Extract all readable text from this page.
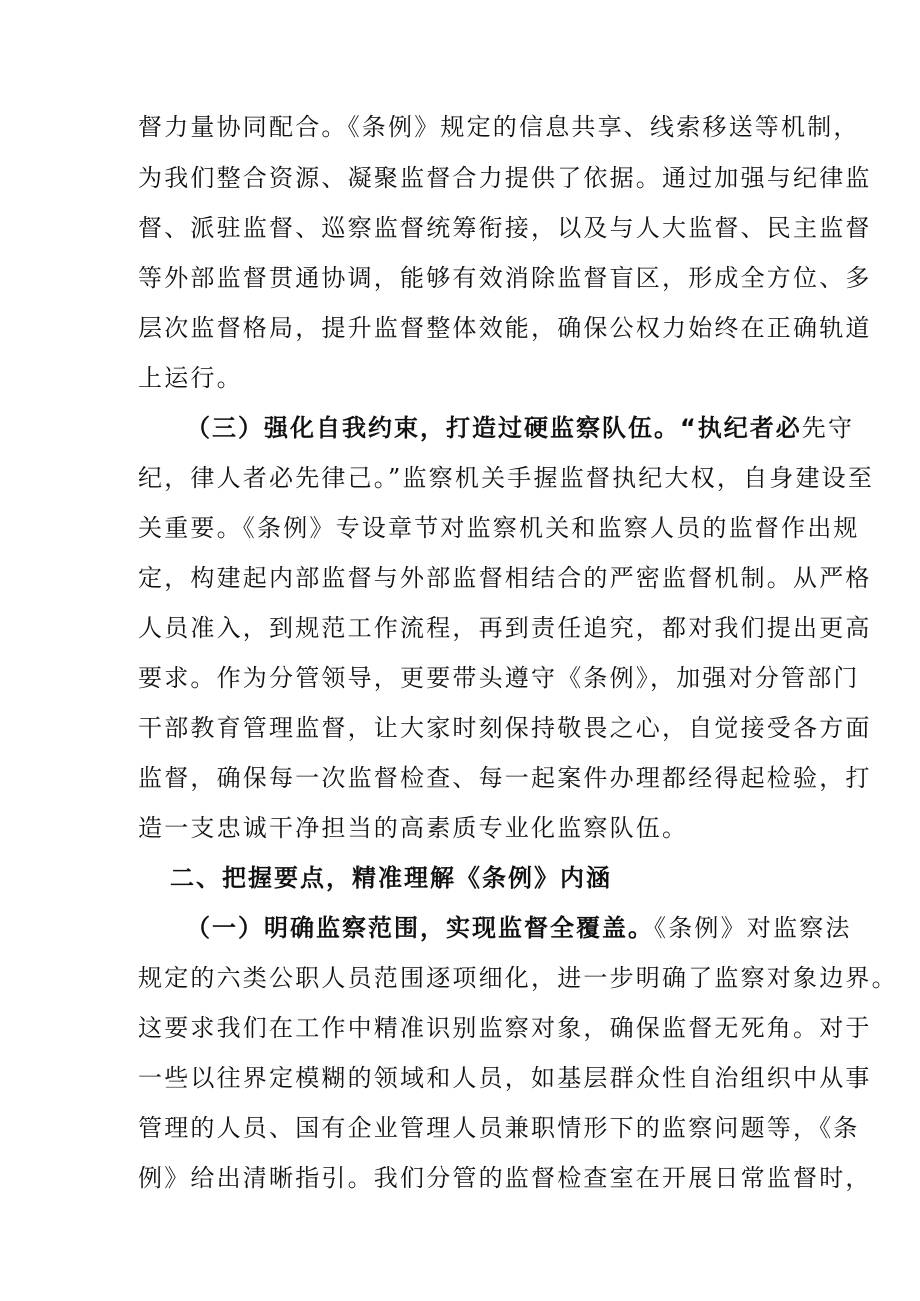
督力量协同配合。《条例》规定的信息共享、线索移送等机制，
为我们整合资源、凝聚监督合力提供了依据。通过加强与纪律监
督、派驻监督、巡察监督统筹衔接，以及与人大监督、民主监督
等外部监督贯通协调，能够有效消除监督盲区，形成全方位、多
层次监督格局，提升监督整体效能，确保公权力始终在正确轨道
上运行。
（三）强化自我约束，打造过硬监察队伍。“执纪者必先守
纪，律人者必先律己。”监察机关手握监督执纪大权，自身建设至
关重要。《条例》专设章节对监察机关和监察人员的监督作出规
定，构建起内部监督与外部监督相结合的严密监督机制。从严格
人员准入，到规范工作流程，再到责任追究，都对我们提出更高
要求。作为分管领导，更要带头遵守《条例》，加强对分管部门
干部教育管理监督，让大家时刻保持敬畏之心，自觉接受各方面
监督，确保每一次监督检查、每一起案件办理都经得起检验，打
造一支忠诚干净担当的高素质专业化监察队伍。
二、把握要点，精准理解《条例》内涵
（一）明确监察范围，实现监督全覆盖。《条例》对监察法
规定的六类公职人员范围逐项细化，进一步明确了监察对象边界。
这要求我们在工作中精准识别监察对象，确保监督无死角。对于
一些以往界定模糊的领域和人员，如基层群众性自治组织中从事
管理的人员、国有企业管理人员兼职情形下的监察问题等，《条
例》给出清晰指引。我们分管的监督检查室在开展日常监督时，
